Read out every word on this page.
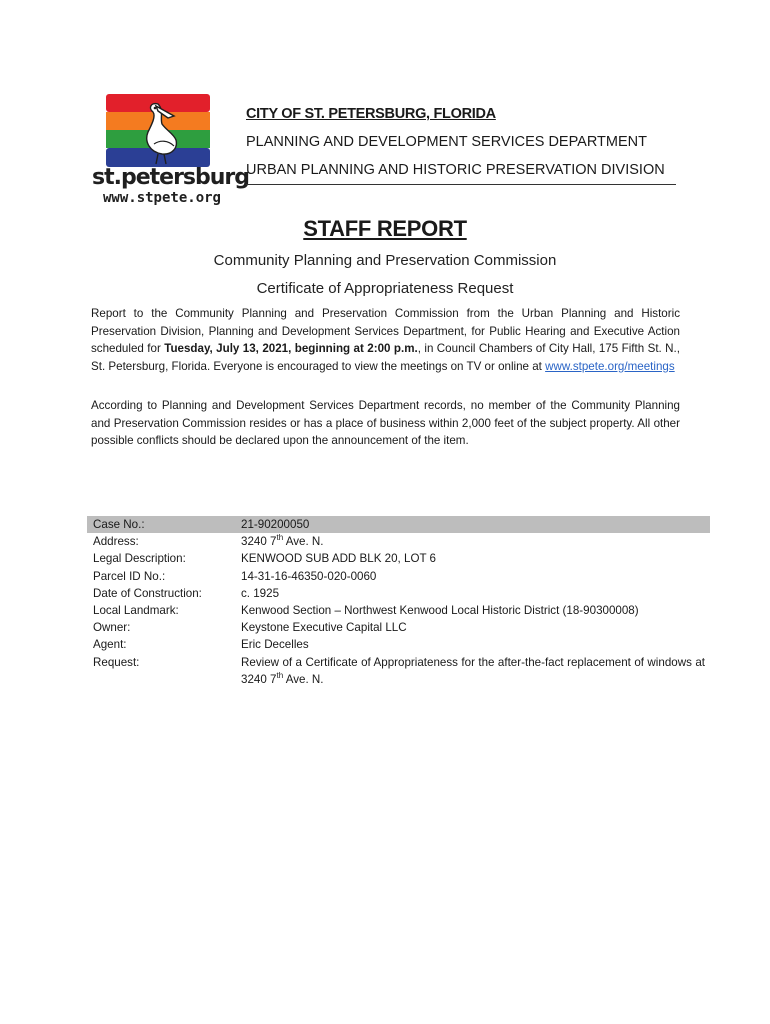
st.petersburg
www.stpete.org
CITY OF ST. PETERSBURG, FLORIDA
PLANNING AND DEVELOPMENT SERVICES DEPARTMENT
URBAN PLANNING AND HISTORIC PRESERVATION DIVISION
STAFF REPORT
Community Planning and Preservation Commission
Certificate of Appropriateness Request
Report to the Community Planning and Preservation Commission from the Urban Planning and Historic Preservation Division, Planning and Development Services Department, for Public Hearing and Executive Action scheduled for Tuesday, July 13, 2021, beginning at 2:00 p.m., in Council Chambers of City Hall, 175 Fifth St. N., St. Petersburg, Florida. Everyone is encouraged to view the meetings on TV or online at www.stpete.org/meetings
According to Planning and Development Services Department records, no member of the Community Planning and Preservation Commission resides or has a place of business within 2,000 feet of the subject property. All other possible conflicts should be declared upon the announcement of the item.
Case No.:	21-90200050
Address:	3240 7th Ave. N.
Legal Description:	KENWOOD SUB ADD BLK 20, LOT 6
Parcel ID No.:	14-31-16-46350-020-0060
Date of Construction:	c. 1925
Local Landmark:	Kenwood Section – Northwest Kenwood Local Historic District (18-90300008)
Owner:	Keystone Executive Capital LLC
Agent:	Eric Decelles
Request:	Review of a Certificate of Appropriateness for the after-the-fact replacement of windows at 3240 7th Ave. N.
